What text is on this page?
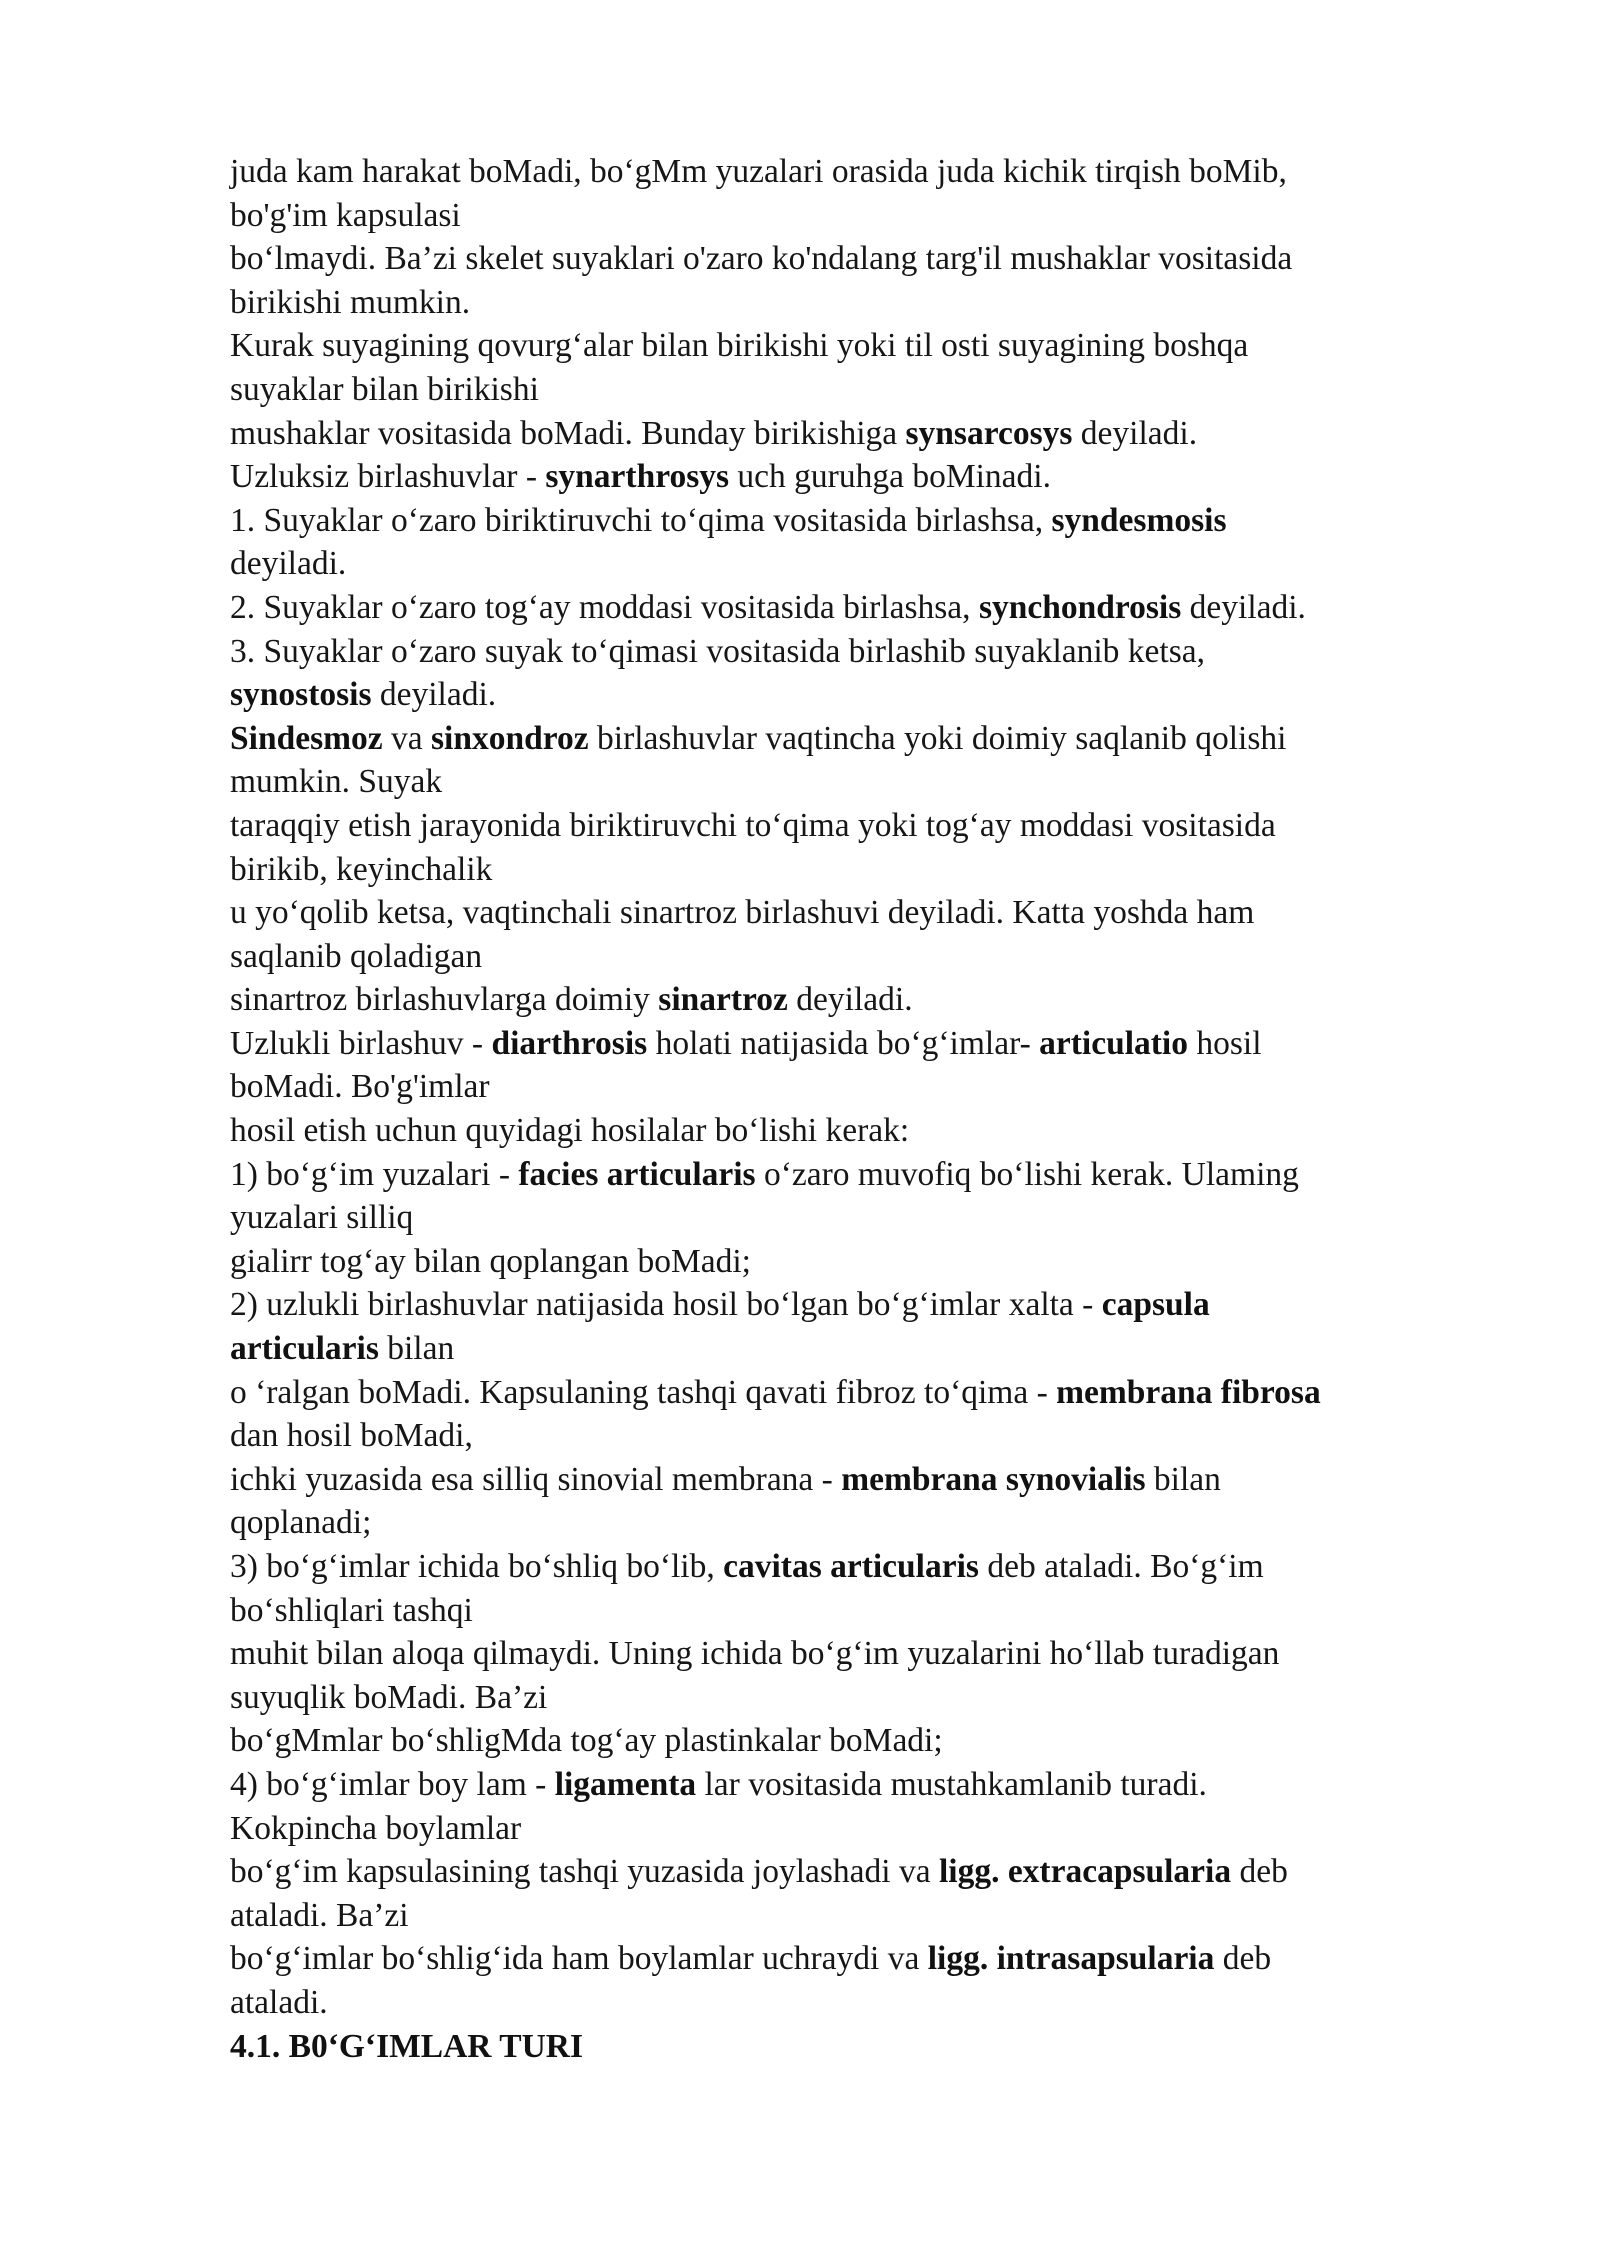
juda kam harakat boMadi, bo‘gMm yuzalari orasida juda kichik tirqish boMib,
bo'g'im kapsulasi
bo‘lmaydi. Ba’zi skelet suyaklari o'zaro ko'ndalang targ'il mushaklar vositasida
birikishi mumkin.
Kurak suyagining qovurg‘alar bilan birikishi yoki til osti suyagining boshqa
suyaklar bilan birikishi
mushaklar vositasida boMadi. Bunday birikishiga synsarcosys deyiladi.
Uzluksiz birlashuvlar - synarthrosys uch guruhga boMinadi.
1. Suyaklar o‘zaro biriktiruvchi to‘qima vositasida birlashsa, syndesmosis
deyiladi.
2. Suyaklar o‘zaro tog‘ay moddasi vositasida birlashsa, synchondrosis deyiladi.
3. Suyaklar o‘zaro suyak to‘qimasi vositasida birlashib suyaklanib ketsa,
synostosis deyiladi.
Sindesmoz va sinxondroz birlashuvlar vaqtincha yoki doimiy saqlanib qolishi
mumkin. Suyak
taraqqiy etish jarayonida biriktiruvchi to‘qima yoki tog‘ay moddasi vositasida
birikib, keyinchalik
u yo‘qolib ketsa, vaqtinchali sinartroz birlashuvi deyiladi. Katta yoshda ham
saqlanib qoladigan
sinartroz birlashuvlarga doimiy sinartroz deyiladi.
Uzlukli birlashuv - diarthrosis holati natijasida bo‘g‘imlar- articulatio hosil
boMadi. Bo'g'imlar
hosil etish uchun quyidagi hosilalar bo‘lishi kerak:
1) bo‘g‘im yuzalari - facies articularis o‘zaro muvofiq bo‘lishi kerak. Ulaming
yuzalari silliq
gialirr tog‘ay bilan qoplangan boMadi;
2) uzlukli birlashuvlar natijasida hosil bo‘lgan bo‘g‘imlar xalta - capsula
articularis bilan
o ‘ralgan boMadi. Kapsulaning tashqi qavati fibroz to‘qima - membrana fibrosa
dan hosil boMadi,
ichki yuzasida esa silliq sinovial membrana - membrana synovialis bilan
qoplanadi;
3) bo‘g‘imlar ichida bo‘shliq bo‘lib, cavitas articularis deb ataladi. Bo‘g‘im
bo‘shliqlari tashqi
muhit bilan aloqa qilmaydi. Uning ichida bo‘g‘im yuzalarini ho‘llab turadigan
suyuqlik boMadi. Ba’zi
bo‘gMmlar bo‘shligMda tog‘ay plastinkalar boMadi;
4) bo‘g‘imlar boy lam - ligamenta lar vositasida mustahkamlanib turadi.
Kokpincha boylamlar
bo‘g‘im kapsulasining tashqi yuzasida joylashadi va ligg. extracapsularia deb
ataladi. Ba’zi
bo‘g‘imlar bo‘shlig‘ida ham boylamlar uchraydi va ligg. intrasapsularia deb
ataladi.
4.1. B0‘G‘IMLAR TURI
